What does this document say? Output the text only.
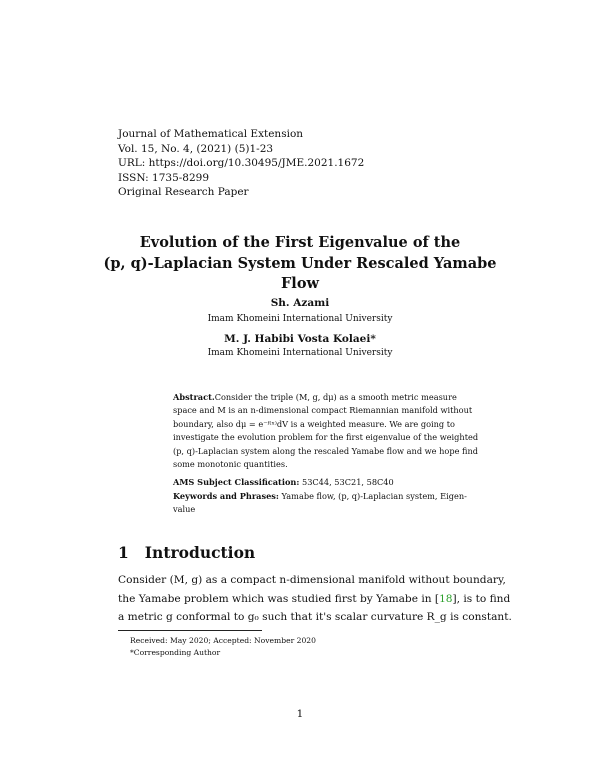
Journal of Mathematical Extension
Vol. 15, No. 4, (2021) (5)1-23
URL: https://doi.org/10.30495/JME.2021.1672
ISSN: 1735-8299
Original Research Paper
Evolution of the First Eigenvalue of the
(p, q)-Laplacian System Under Rescaled Yamabe
Flow
Sh. Azami
Imam Khomeini International University
M. J. Habibi Vosta Kolaei*
Imam Khomeini International University
Abstract.Consider the triple (M, g, dμ) as a smooth metric measure
space and M is an n-dimensional compact Riemannian manifold without
boundary, also dμ = e⁻ᶠ⁽ˣ⁾dV is a weighted measure. We are going to
investigate the evolution problem for the first eigenvalue of the weighted
(p, q)-Laplacian system along the rescaled Yamabe flow and we hope find
some monotonic quantities.
AMS Subject Classification: 53C44, 53C21, 58C40
Keywords and Phrases: Yamabe flow, (p, q)-Laplacian system, Eigen-
value
1 Introduction
Consider (M, g) as a compact n-dimensional manifold without boundary,
the Yamabe problem which was studied first by Yamabe in [18], is to find
a metric g conformal to g₀ such that it's scalar curvature R_g is constant.
Received: May 2020; Accepted: November 2020
*Corresponding Author
1
